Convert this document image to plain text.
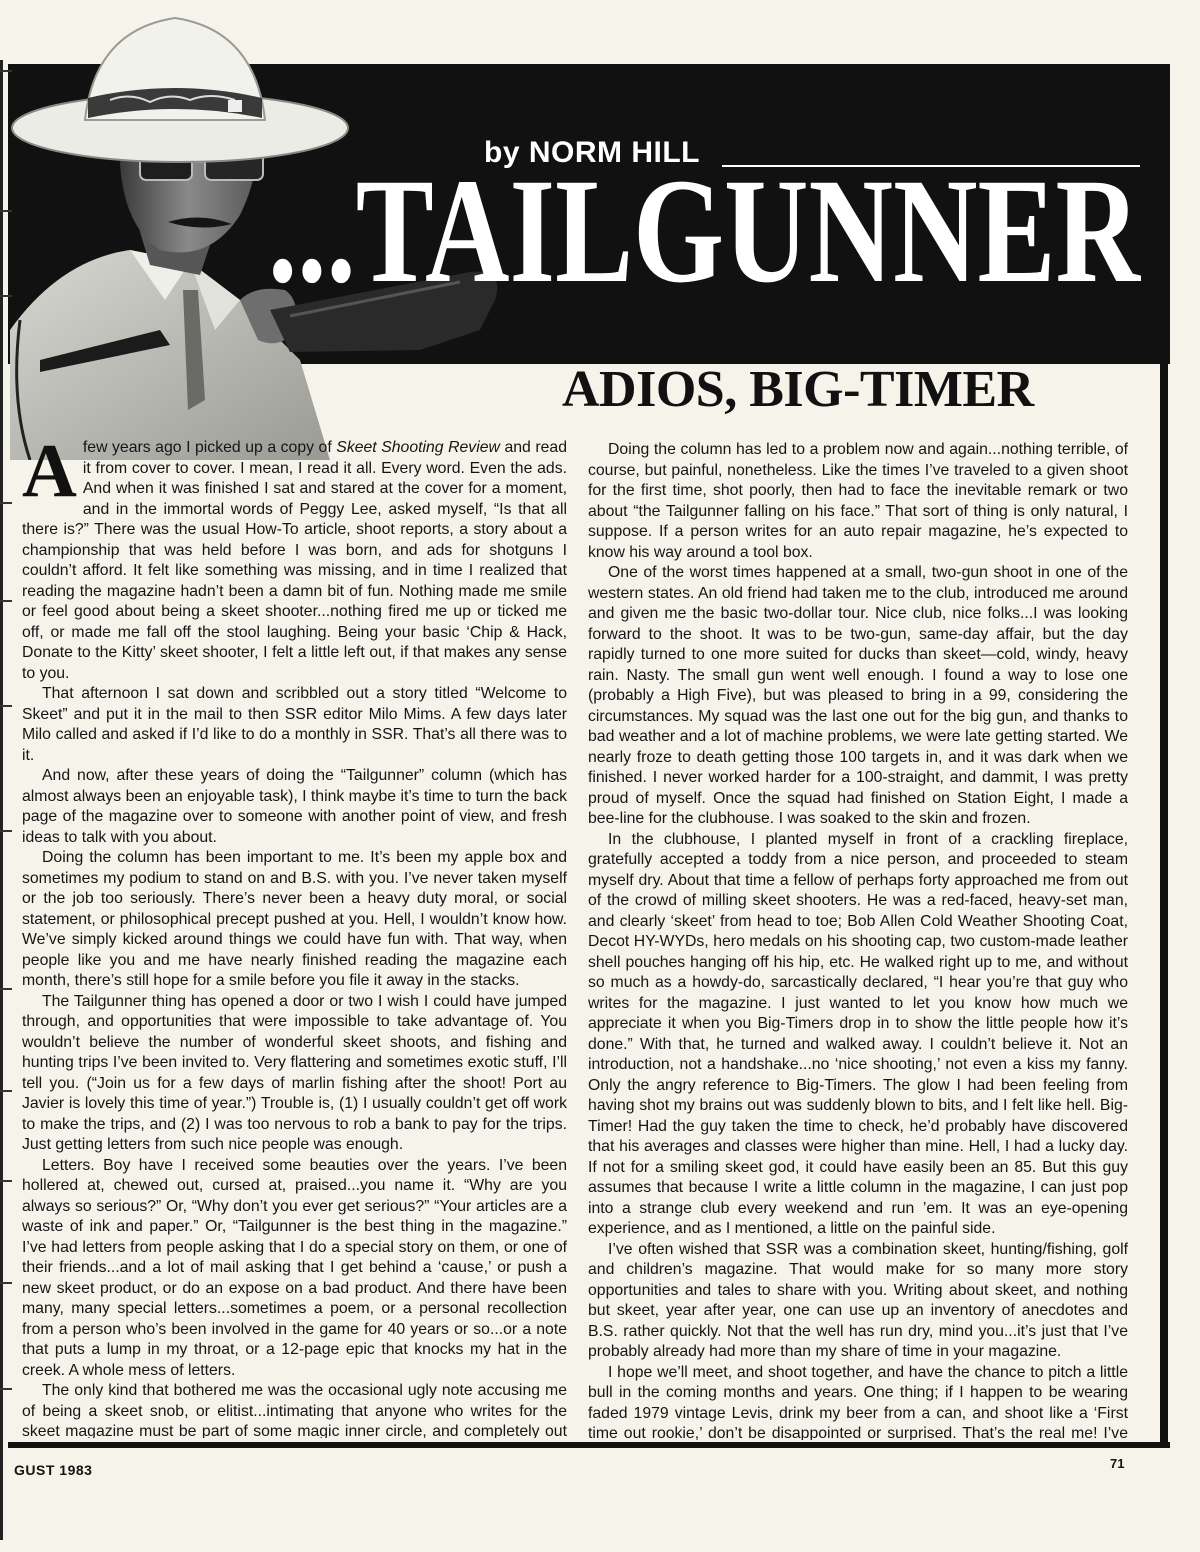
by NORM HILL
...TAILGUNNER
ADIOS, BIG-TIMER

A few years ago I picked up a copy of Skeet Shooting Review and read it from cover to cover. I mean, I read it all. Every word. Even the ads. And when it was finished I sat and stared at the cover for a moment, and in the immortal words of Peggy Lee, asked myself, “Is that all there is?” There was the usual How-To article, shoot reports, a story about a championship that was held before I was born, and ads for shotguns I couldn’t afford. It felt like something was missing, and in time I realized that reading the magazine hadn’t been a damn bit of fun. Nothing made me smile or feel good about being a skeet shooter...nothing fired me up or ticked me off, or made me fall off the stool laughing. Being your basic ‘Chip & Hack, Donate to the Kitty’ skeet shooter, I felt a little left out, if that makes any sense to you.

That afternoon I sat down and scribbled out a story titled “Welcome to Skeet” and put it in the mail to then SSR editor Milo Mims. A few days later Milo called and asked if I’d like to do a monthly in SSR. That’s all there was to it.

And now, after these years of doing the “Tailgunner” column (which has almost always been an enjoyable task), I think maybe it’s time to turn the back page of the magazine over to someone with another point of view, and fresh ideas to talk with you about.

Doing the column has been important to me. It’s been my apple box and sometimes my podium to stand on and B.S. with you. I’ve never taken myself or the job too seriously. There’s never been a heavy duty moral, or social statement, or philosophical precept pushed at you. Hell, I wouldn’t know how. We’ve simply kicked around things we could have fun with. That way, when people like you and me have nearly finished reading the magazine each month, there’s still hope for a smile before you file it away in the stacks.

The Tailgunner thing has opened a door or two I wish I could have jumped through, and opportunities that were impossible to take advantage of. You wouldn’t believe the number of wonderful skeet shoots, and fishing and hunting trips I’ve been invited to. Very flattering and sometimes exotic stuff, I’ll tell you. (“Join us for a few days of marlin fishing after the shoot! Port au Javier is lovely this time of year.”) Trouble is, (1) I usually couldn’t get off work to make the trips, and (2) I was too nervous to rob a bank to pay for the trips. Just getting letters from such nice people was enough.

Letters. Boy have I received some beauties over the years. I’ve been hollered at, chewed out, cursed at, praised...you name it. “Why are you always so serious?” Or, “Why don’t you ever get serious?” “Your articles are a waste of ink and paper.” Or, “Tailgunner is the best thing in the magazine.” I’ve had letters from people asking that I do a special story on them, or one of their friends...and a lot of mail asking that I get behind a ‘cause,’ or push a new skeet product, or do an expose on a bad product. And there have been many, many special letters...sometimes a poem, or a personal recollection from a person who’s been involved in the game for 40 years or so...or a note that puts a lump in my throat, or a 12-page epic that knocks my hat in the creek. A whole mess of letters.

The only kind that bothered me was the occasional ugly note accusing me of being a skeet snob, or elitist...intimating that anyone who writes for the skeet magazine must be part of some magic inner circle, and completely out

Doing the column has led to a problem now and again...nothing terrible, of course, but painful, nonetheless. Like the times I’ve traveled to a given shoot for the first time, shot poorly, then had to face the inevitable remark or two about “the Tailgunner falling on his face.” That sort of thing is only natural, I suppose. If a person writes for an auto repair magazine, he’s expected to know his way around a tool box.

One of the worst times happened at a small, two-gun shoot in one of the western states. An old friend had taken me to the club, introduced me around and given me the basic two-dollar tour. Nice club, nice folks...I was looking forward to the shoot. It was to be two-gun, same-day affair, but the day rapidly turned to one more suited for ducks than skeet—cold, windy, heavy rain. Nasty. The small gun went well enough. I found a way to lose one (probably a High Five), but was pleased to bring in a 99, considering the circumstances. My squad was the last one out for the big gun, and thanks to bad weather and a lot of machine problems, we were late getting started. We nearly froze to death getting those 100 targets in, and it was dark when we finished. I never worked harder for a 100-straight, and dammit, I was pretty proud of myself. Once the squad had finished on Station Eight, I made a bee-line for the clubhouse. I was soaked to the skin and frozen.

In the clubhouse, I planted myself in front of a crackling fireplace, gratefully accepted a toddy from a nice person, and proceeded to steam myself dry. About that time a fellow of perhaps forty approached me from out of the crowd of milling skeet shooters. He was a red-faced, heavy-set man, and clearly ‘skeet’ from head to toe; Bob Allen Cold Weather Shooting Coat, Decot HY-WYDs, hero medals on his shooting cap, two custom-made leather shell pouches hanging off his hip, etc. He walked right up to me, and without so much as a howdy-do, sarcastically declared, “I hear you’re that guy who writes for the magazine. I just wanted to let you know how much we appreciate it when you Big-Timers drop in to show the little people how it’s done.” With that, he turned and walked away. I couldn’t believe it. Not an introduction, not a handshake...no ‘nice shooting,’ not even a kiss my fanny. Only the angry reference to Big-Timers. The glow I had been feeling from having shot my brains out was suddenly blown to bits, and I felt like hell. Big-Timer! Had the guy taken the time to check, he’d probably have discovered that his averages and classes were higher than mine. Hell, I had a lucky day. If not for a smiling skeet god, it could have easily been an 85. But this guy assumes that because I write a little column in the magazine, I can just pop into a strange club every weekend and run ’em. It was an eye-opening experience, and as I mentioned, a little on the painful side.

I’ve often wished that SSR was a combination skeet, hunting/fishing, golf and children’s magazine. That would make for so many more story opportunities and tales to share with you. Writing about skeet, and nothing but skeet, year after year, one can use up an inventory of anecdotes and B.S. rather quickly. Not that the well has run dry, mind you...it’s just that I’ve probably already had more than my share of time in your magazine.

I hope we’ll meet, and shoot together, and have the chance to pitch a little bull in the coming months and years. One thing; if I happen to be wearing faded 1979 vintage Levis, drink my beer from a can, and shoot like a ‘First time out rookie,’ don’t be disappointed or surprised. That’s the real me! I’ve

GUST 1983	71
